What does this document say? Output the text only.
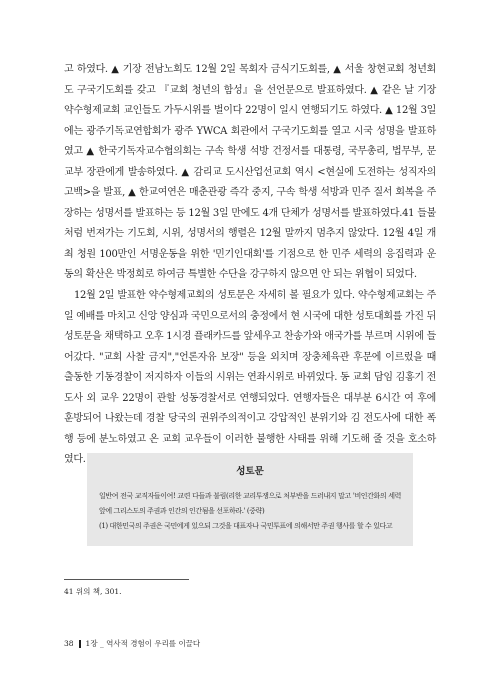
고 하였다. ▲ 기장 전남노회도 12월 2일 목회자 금식기도회를, ▲ 서울 창현교회 청년회도 구국기도회를 갖고 『교회 청년의 함성』을 선언문으로 발표하였다. ▲ 같은 날 기장 약수형제교회 교인들도 가두시위를 벌이다 22명이 일시 연행되기도 하였다. ▲ 12월 3일에는 광주기독교연합회가 광주 YWCA 회관에서 구국기도회를 열고 시국 성명을 발표하였고 ▲ 한국기독자교수협의회는 구속 학생 석방 건정서를 대통령, 국무총리, 법무부, 문교부 장관에게 발송하였다. ▲ 감리교 도시산업선교회 역시 <현실에 도전하는 성직자의 고백>을 발표, ▲ 한교여연은 매춘관광 즉각 중지, 구속 학생 석방과 민주 질서 회복을 주장하는 성명서를 발표하는 등 12월 3일 만에도 4개 단체가 성명서를 발표하였다.41 들불처럼 번져가는 기도회, 시위, 성명서의 행렬은 12월 말까지 멈추지 않았다. 12월 4일 개최 청원 100만인 서명운동을 위한 '민기인대회'를 기점으로 한 민주 세력의 응집력과 운동의 확산은 박정희로 하여금 특별한 수단을 강구하지 않으면 안 되는 위협이 되었다.

12월 2일 발표한 약수형제교회의 성토문은 자세히 볼 필요가 있다. 약수형제교회는 주일 예배를 마치고 신앙 양심과 국민으로서의 충정에서 현 시국에 대한 성토대회를 가진 뒤 성토문을 채택하고 오후 1시경 플래카드를 앞세우고 찬송가와 애국가를 부르며 시위에 들어갔다. "교회 사찰 금지","언론자유 보장" 등을 외치며 장충체육관 후문에 이르렀을 때 출동한 기동경찰이 저지하자 이들의 시위는 연좌시위로 바뀌었다. 동 교회 담임 김홍기 전도사 외 교우 22명이 관할 성동경찰서로 연행되었다. 연행자들은 대부분 6시간 여 후에 훈방되어 나왔는데 경찰 당국의 권위주의적이고 강압적인 분위기와 김 전도사에 대한 폭행 등에 분노하였고 온 교회 교우들이 이러한 불행한 사태를 위해 기도해 줄 것을 호소하였다.

성토문

일반여 전국 교직자들이여! 교련 다들과 불림(리한 교리투쟁으로 처부반을 드러내지 말고 '비인간화의 세력 앞에 그리스도의 주권과 인간의 인간됨을 선포하라.' (중략)

(1) 대한민국의 주권은 국민에게 있으되 그것을 대표자나 국민투표에 의해서만 주권 행사를 할 수 있다고

41 위의 책, 301.
38 1장 _ 역사적 경험이 우리를 이끌다
